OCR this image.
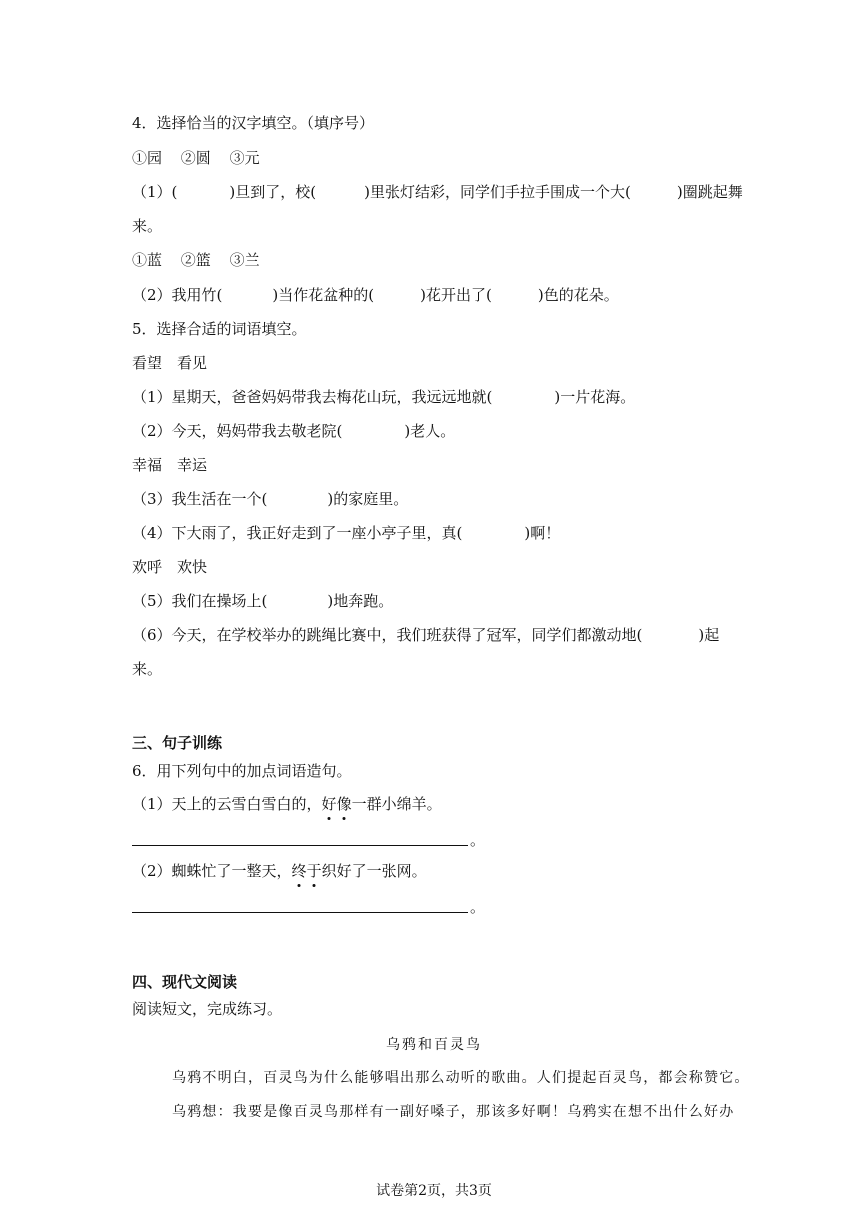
4．选择恰当的汉字填空。（填序号）
①园 ②圆 ③元
（1）(	)旦到了，校(	)里张灯结彩，同学们手拉手围成一个大(	)圈跳起舞
来。
①蓝 ②篮 ③兰
（2）我用竹(	)当作花盆种的(	)花开出了(	)色的花朵。
5．选择合适的词语填空。
看望　看见
（1）星期天，爸爸妈妈带我去梅花山玩，我远远地就(	)一片花海。
（2）今天，妈妈带我去敬老院(	)老人。
幸福　幸运
（3）我生活在一个(	)的家庭里。
（4）下大雨了，我正好走到了一座小亭子里，真(	)啊！
欢呼　欢快
（5）我们在操场上(	)地奔跑。
（6）今天，在学校举办的跳绳比赛中，我们班获得了冠军，同学们都激动地(	)起
来。
三、句子训练
6．用下列句中的加点词语造句。
（1）天上的云雪白雪白的，好像一群小绵羊。
。
（2）蜘蛛忙了一整天，终于织好了一张网。
。
四、现代文阅读
阅读短文，完成练习。
乌鸦和百灵鸟
乌鸦不明白，百灵鸟为什么能够唱出那么动听的歌曲。人们提起百灵鸟，都会称赞它。
乌鸦想：我要是像百灵鸟那样有一副好嗓子，那该多好啊！乌鸦实在想不出什么好办
试卷第2页，共3页
